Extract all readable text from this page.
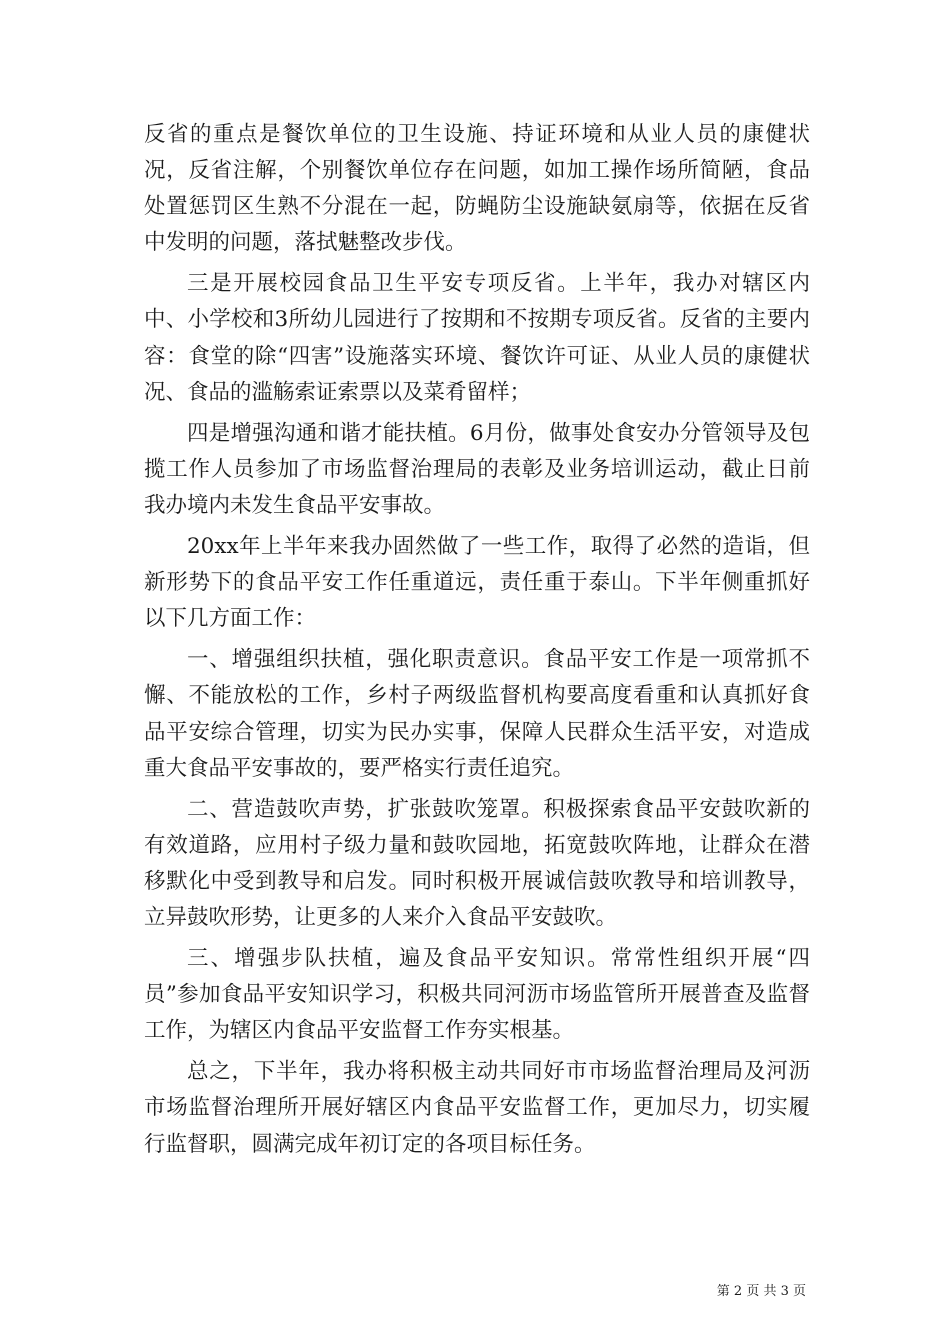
反省的重点是餐饮单位的卫生设施、持证环境和从业人员的康健状况，反省注解，个别餐饮单位存在问题，如加工操作场所简陋，食品处置惩罚区生熟不分混在一起，防蝇防尘设施缺氨扇等，依据在反省中发明的问题，落拭魅整改步伐。

三是开展校园食品卫生平安专项反省。上半年，我办对辖区内中、小学校和3所幼儿园进行了按期和不按期专项反省。反省的主要内容：食堂的除“四害”设施落实环境、餐饮许可证、从业人员的康健状况、食品的滥觞索证索票以及菜肴留样；

四是增强沟通和谐才能扶植。6月份，做事处食安办分管领导及包揽工作人员参加了市场监督治理局的表彰及业务培训运动，截止日前我办境内未发生食品平安事故。

20xx年上半年来我办固然做了一些工作，取得了必然的造诣，但新形势下的食品平安工作任重道远，责任重于泰山。下半年侧重抓好以下几方面工作：

一、增强组织扶植，强化职责意识。食品平安工作是一项常抓不懈、不能放松的工作，乡村子两级监督机构要高度看重和认真抓好食品平安综合管理，切实为民办实事，保障人民群众生活平安，对造成重大食品平安事故的，要严格实行责任追究。

二、营造鼓吹声势，扩张鼓吹笼罩。积极探索食品平安鼓吹新的有效道路，应用村子级力量和鼓吹园地，拓宽鼓吹阵地，让群众在潜移默化中受到教导和启发。同时积极开展诚信鼓吹教导和培训教导，立异鼓吹形势，让更多的人来介入食品平安鼓吹。

三、增强步队扶植，遍及食品平安知识。常常性组织开展“四员”参加食品平安知识学习，积极共同河沥市场监管所开展普查及监督工作，为辖区内食品平安监督工作夯实根基。

总之，下半年，我办将积极主动共同好市市场监督治理局及河沥市场监督治理所开展好辖区内食品平安监督工作，更加尽力，切实履行监督职，圆满完成年初订定的各项目标任务。

第 2 页 共 3 页
